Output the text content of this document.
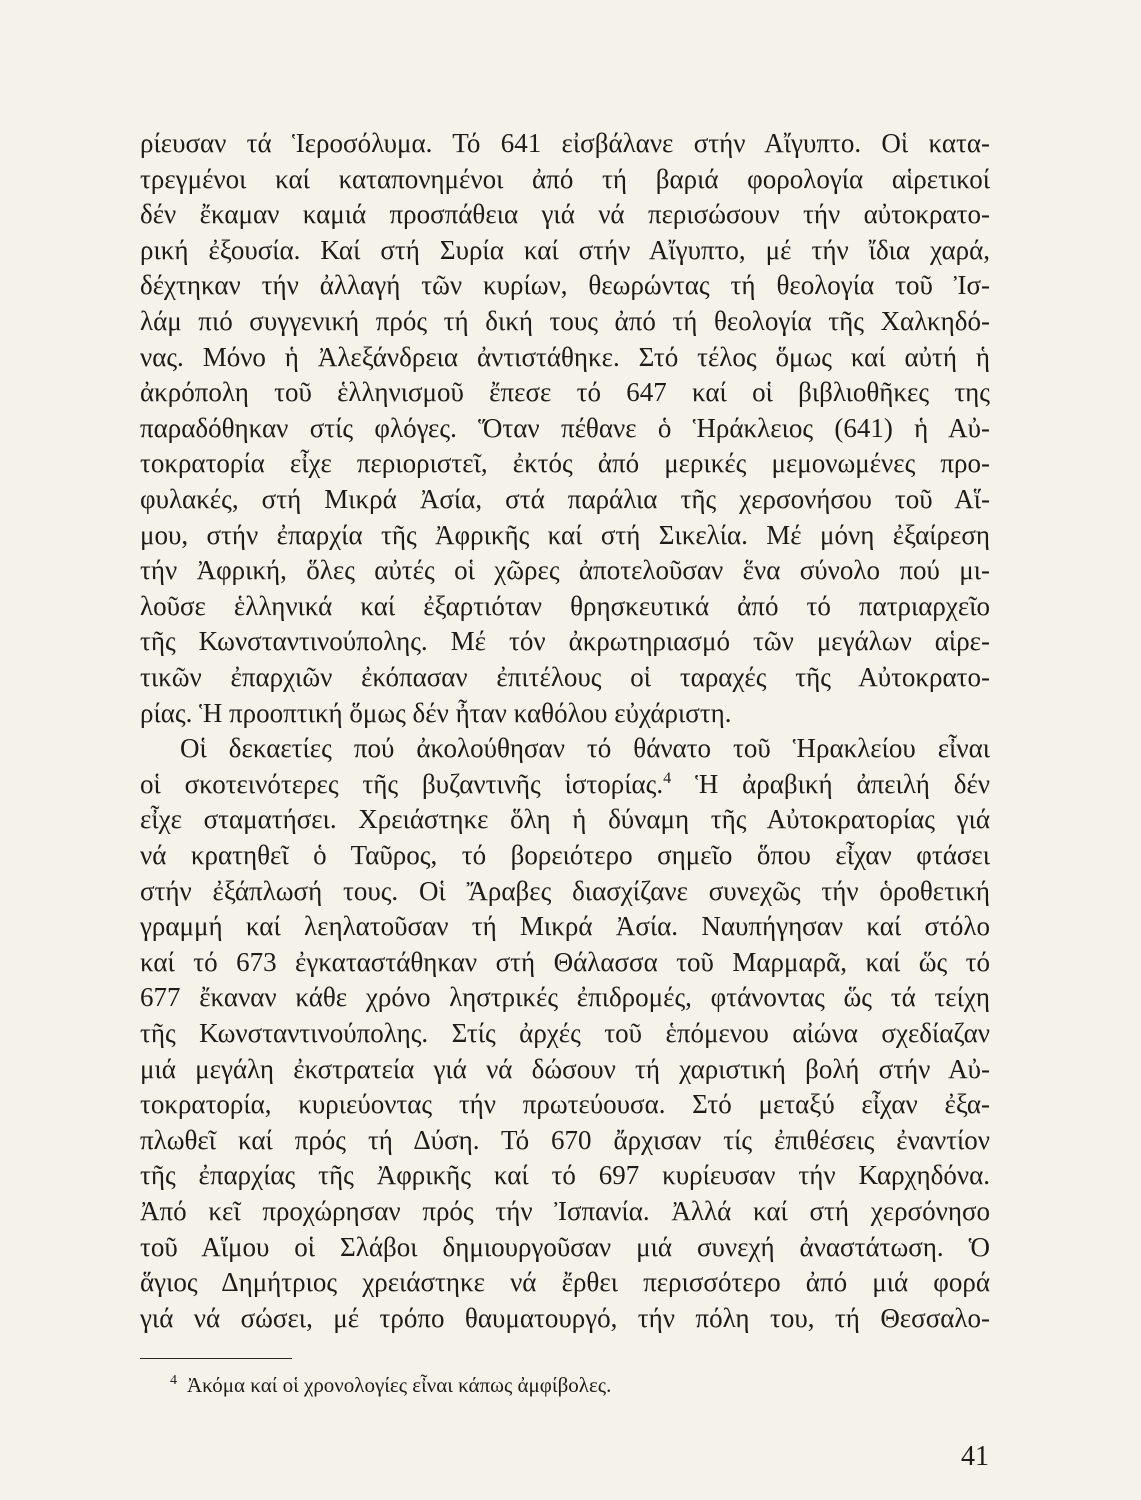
ρίευσαν τά Ἱεροσόλυμα. Τό 641 εἰσβάλανε στήν Αἴγυπτο. Οἱ κατα-
τρεγμένοι καί καταπονημένοι ἀπό τή βαριά φορολογία αἱρετικοί
δέν ἔκαμαν καμιά προσπάθεια γιά νά περισώσουν τήν αὐτοκρατο-
ρική ἐξουσία. Καί στή Συρία καί στήν Αἴγυπτο, μέ τήν ἴδια χαρά,
δέχτηκαν τήν ἀλλαγή τῶν κυρίων, θεωρώντας τή θεολογία τοῦ Ἰσ-
λάμ πιό συγγενική πρός τή δική τους ἀπό τή θεολογία τῆς Χαλκηδό-
νας. Μόνο ἡ Ἀλεξάνδρεια ἀντιστάθηκε. Στό τέλος ὅμως καί αὐτή ἡ
ἀκρόπολη τοῦ ἑλληνισμοῦ ἔπεσε τό 647 καί οἱ βιβλιοθῆκες της
παραδόθηκαν στίς φλόγες. Ὅταν πέθανε ὁ Ἡράκλειος (641) ἡ Αὐ-
τοκρατορία εἶχε περιοριστεῖ, ἐκτός ἀπό μερικές μεμονωμένες προ-
φυλακές, στή Μικρά Ἀσία, στά παράλια τῆς χερσονήσου τοῦ Αἵ-
μου, στήν ἐπαρχία τῆς Ἀφρικῆς καί στή Σικελία. Μέ μόνη ἐξαίρεση
τήν Ἀφρική, ὅλες αὐτές οἱ χῶρες ἀποτελοῦσαν ἕνα σύνολο πού μι-
λοῦσε ἑλληνικά καί ἐξαρτιόταν θρησκευτικά ἀπό τό πατριαρχεῖο
τῆς Κωνσταντινούπολης. Μέ τόν ἀκρωτηριασμό τῶν μεγάλων αἱρε-
τικῶν ἐπαρχιῶν ἐκόπασαν ἐπιτέλους οἱ ταραχές τῆς Αὐτοκρατο-
ρίας. Ἡ προοπτική ὅμως δέν ἦταν καθόλου εὐχάριστη.
Οἱ δεκαετίες πού ἀκολούθησαν τό θάνατο τοῦ Ἡρακλείου εἶναι
οἱ σκοτεινότερες τῆς βυζαντινῆς ἱστορίας.$^4$ Ἡ ἀραβική ἀπειλή δέν
εἶχε σταματήσει. Χρειάστηκε ὅλη ἡ δύναμη τῆς Αὐτοκρατορίας γιά
νά κρατηθεῖ ὁ Ταῦρος, τό βορειότερο σημεῖο ὅπου εἶχαν φτάσει
στήν ἐξάπλωσή τους. Οἱ Ἄραβες διασχίζανε συνεχῶς τήν ὁροθετική
γραμμή καί λεηλατοῦσαν τή Μικρά Ἀσία. Ναυπήγησαν καί στόλο
καί τό 673 ἐγκαταστάθηκαν στή Θάλασσα τοῦ Μαρμαρᾶ, καί ὥς τό
677 ἔκαναν κάθε χρόνο ληστρικές ἐπιδρομές, φτάνοντας ὥς τά τείχη
τῆς Κωνσταντινούπολης. Στίς ἀρχές τοῦ ἑπόμενου αἰώνα σχεδίαζαν
μιά μεγάλη ἐκστρατεία γιά νά δώσουν τή χαριστική βολή στήν Αὐ-
τοκρατορία, κυριεύοντας τήν πρωτεύουσα. Στό μεταξύ εἶχαν ἐξα-
πλωθεῖ καί πρός τή Δύση. Τό 670 ἄρχισαν τίς ἐπιθέσεις ἐναντίον
τῆς ἐπαρχίας τῆς Ἀφρικῆς καί τό 697 κυρίευσαν τήν Καρχηδόνα.
Ἀπό κεῖ προχώρησαν πρός τήν Ἰσπανία. Ἀλλά καί στή χερσόνησο
τοῦ Αἵμου οἱ Σλάβοι δημιουργοῦσαν μιά συνεχή ἀναστάτωση. Ὁ
$^4$ Ἀκόμα καί οἱ χρονολογίες εἶναι κάπως ἀμφίβολες.
41
ἅγιος Δημήτριος χρειάστηκε νά ἔρθει περισσότερο ἀπό μιά φορά
γιά νά σώσει, μέ τρόπο θαυματουργό, τήν πόλη του, τή Θεσσαλο-
